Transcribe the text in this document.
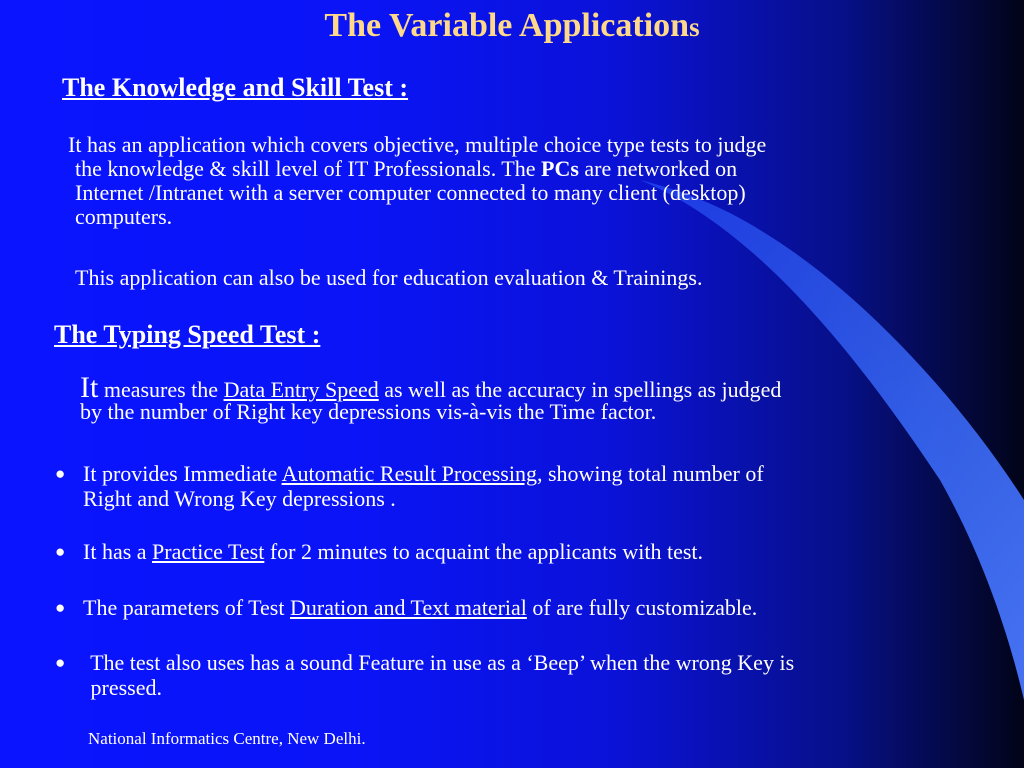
The Variable Applications
The Knowledge and Skill Test :
It has an application which covers objective, multiple choice type tests to judge
the knowledge & skill level of IT Professionals. The PCs are networked on
Internet /Intranet with a server computer connected to many client (desktop)
computers.
This application can also be used for education evaluation & Trainings.
The Typing Speed Test :
It measures the Data Entry Speed as well as the accuracy in spellings as judged
by the number of Right key depressions vis-à-vis the Time factor.
● It provides Immediate Automatic Result Processing, showing total number of
Right and Wrong Key depressions .
● It has a Practice Test for 2 minutes to acquaint the applicants with test.
● The parameters of Test Duration and Text material of are fully customizable.
● The test also uses has a sound Feature in use as a ‘Beep’ when the wrong Key is
pressed.
National Informatics Centre, New Delhi.
